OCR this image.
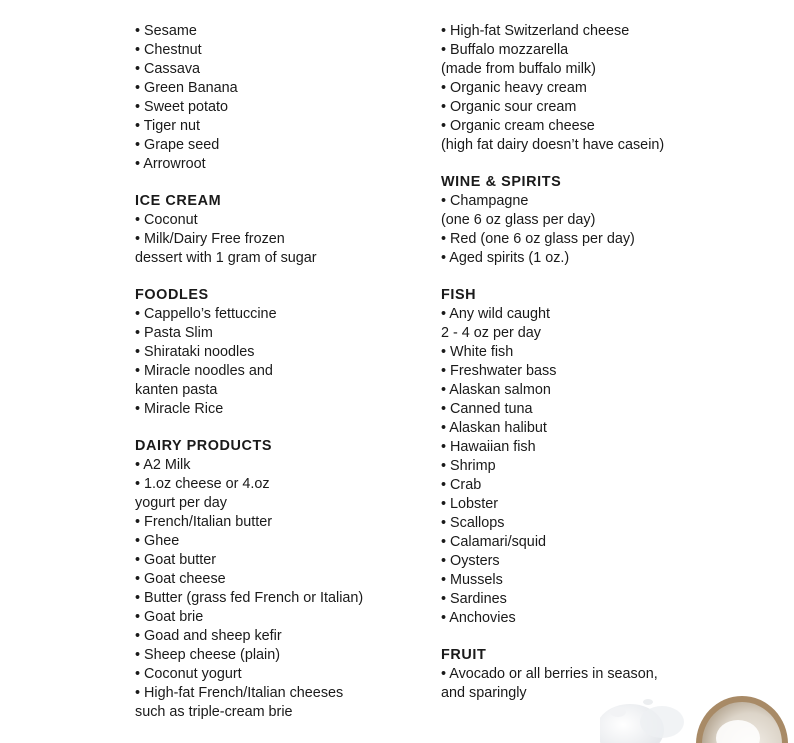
• Sesame
• Chestnut
• Cassava
• Green Banana
• Sweet potato
• Tiger nut
• Grape seed
• Arrowroot
ICE CREAM
• Coconut
• Milk/Dairy Free frozen
dessert with 1 gram of sugar
FOODLES
• Cappello’s fettuccine
• Pasta Slim
• Shirataki noodles
• Miracle noodles and
kanten pasta
• Miracle Rice
DAIRY PRODUCTS
• A2 Milk
• 1.oz cheese or 4.oz
yogurt per day
• French/Italian butter
• Ghee
• Goat butter
• Goat cheese
• Butter (grass fed French or Italian)
• Goat brie
• Goad and sheep kefir
• Sheep cheese (plain)
• Coconut yogurt
• High-fat French/Italian cheeses
such as triple-cream brie
• High-fat Switzerland cheese
• Buffalo mozzarella
(made from buffalo milk)
• Organic heavy cream
• Organic sour cream
• Organic cream cheese
(high fat dairy doesn’t have casein)
WINE & SPIRITS
• Champagne
(one 6 oz glass per day)
• Red (one 6 oz glass per day)
• Aged spirits (1 oz.)
FISH
• Any wild caught
2 - 4 oz per day
• White fish
• Freshwater bass
• Alaskan salmon
• Canned tuna
• Alaskan halibut
• Hawaiian fish
• Shrimp
• Crab
• Lobster
• Scallops
• Calamari/squid
• Oysters
• Mussels
• Sardines
• Anchovies
FRUIT
• Avocado or all berries in season,
and sparingly
